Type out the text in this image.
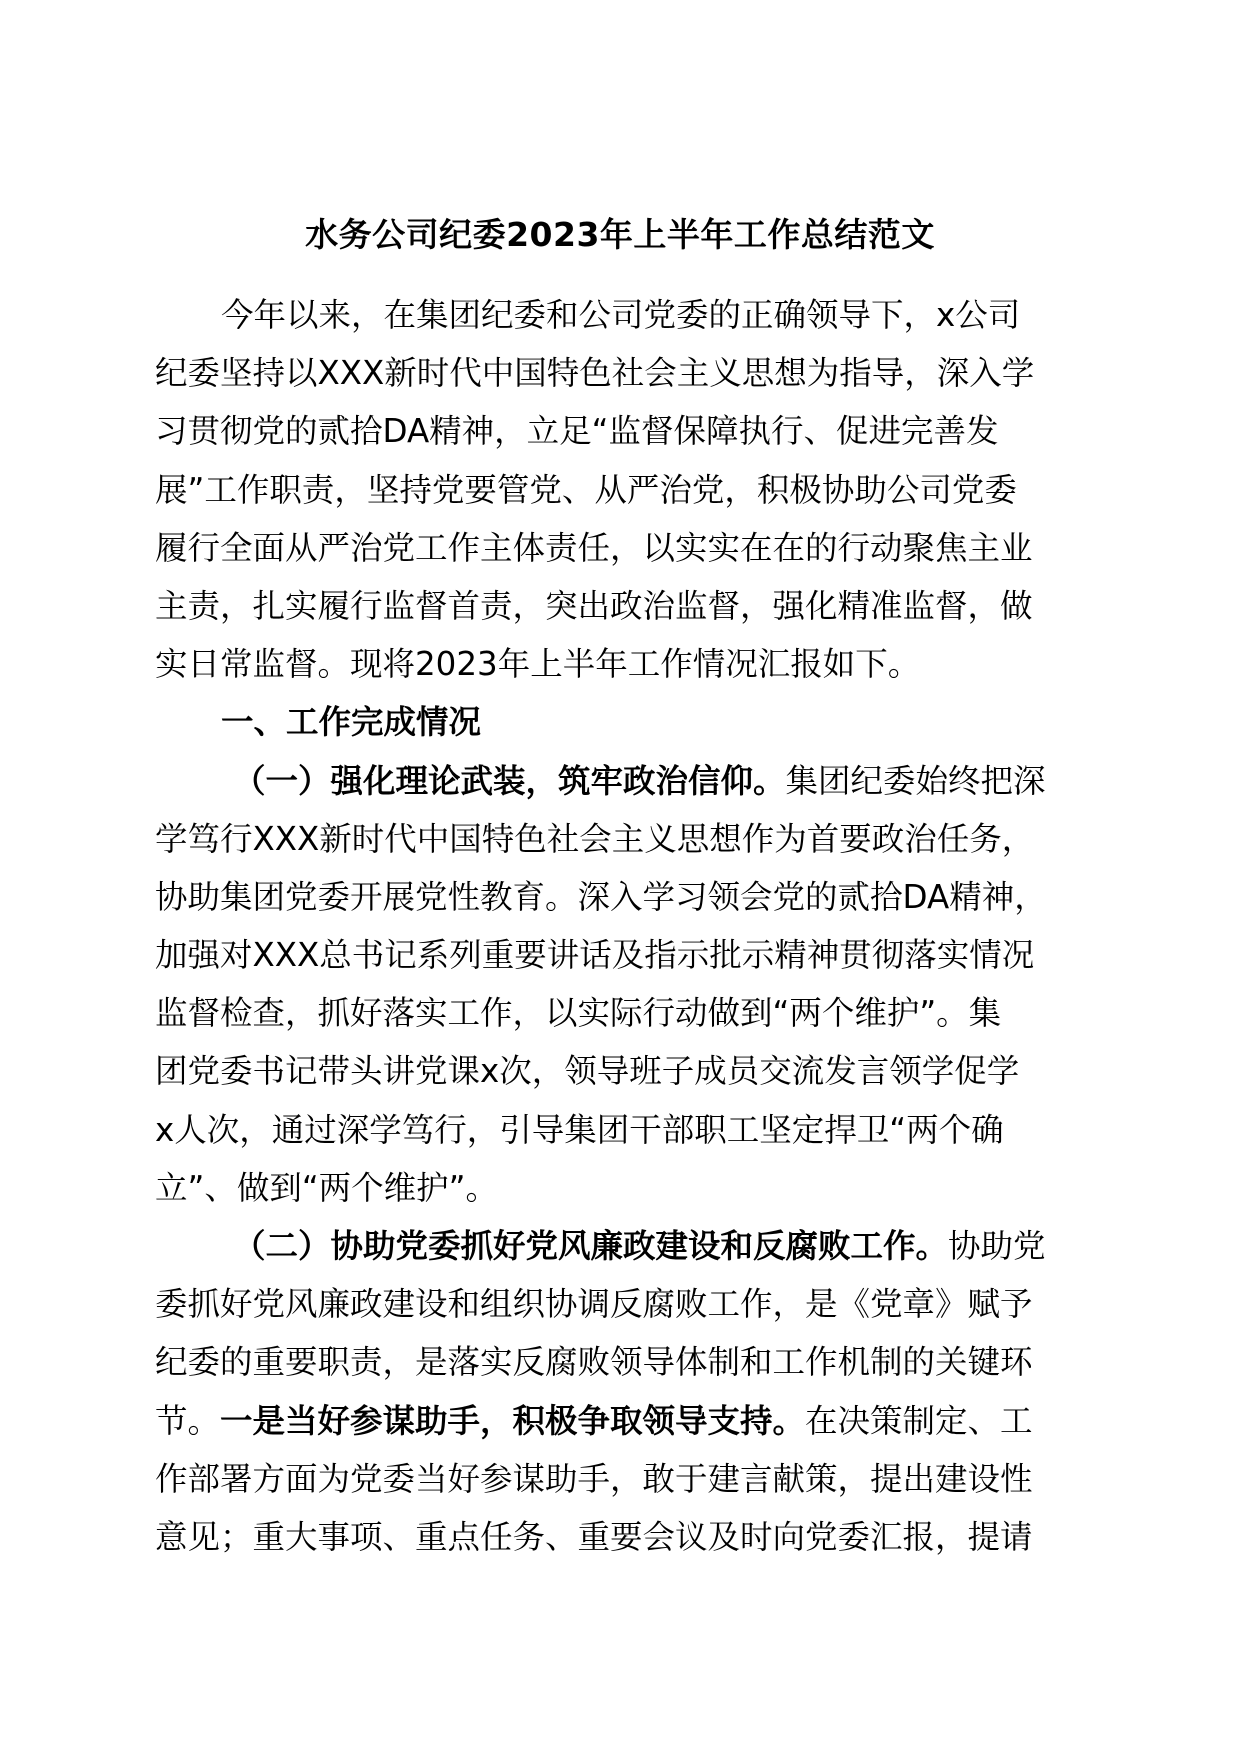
水务公司纪委2023年上半年工作总结范文
今年以来，在集团纪委和公司党委的正确领导下，x公司
纪委坚持以XXX新时代中国特色社会主义思想为指导，深入学
习贯彻党的贰拾DA精神，立足“监督保障执行、促进完善发
展”工作职责，坚持党要管党、从严治党，积极协助公司党委
履行全面从严治党工作主体责任，以实实在在的行动聚焦主业
主责，扎实履行监督首责，突出政治监督，强化精准监督，做
实日常监督。现将2023年上半年工作情况汇报如下。
一、工作完成情况
（一）强化理论武装，筑牢政治信仰。集团纪委始终把深
学笃行XXX新时代中国特色社会主义思想作为首要政治任务，
协助集团党委开展党性教育。深入学习领会党的贰拾DA精神，
加强对XXX总书记系列重要讲话及指示批示精神贯彻落实情况
监督检查，抓好落实工作，以实际行动做到“两个维护”。集
团党委书记带头讲党课x次，领导班子成员交流发言领学促学
x人次，通过深学笃行，引导集团干部职工坚定捍卫“两个确
立”、做到“两个维护”。
（二）协助党委抓好党风廉政建设和反腐败工作。协助党
委抓好党风廉政建设和组织协调反腐败工作，是《党章》赋予
纪委的重要职责，是落实反腐败领导体制和工作机制的关键环
节。一是当好参谋助手，积极争取领导支持。在决策制定、工
作部署方面为党委当好参谋助手，敢于建言献策，提出建设性
意见；重大事项、重点任务、重要会议及时向党委汇报，提请
